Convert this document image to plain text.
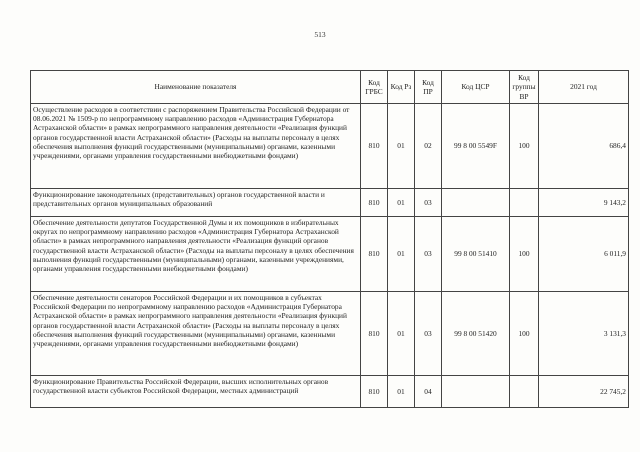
513
Наименование показателя	Код ГРБС	Код Рз	Код ПР	Код ЦСР	Код группы ВР	2021 год
Осуществление расходов в соответствии с распоряжением Правительства Российской Федерации от 08.06.2021 № 1509-р по непрограммному направлению расходов «Администрация Губернатора Астраханской области» в рамках непрограммного направления деятельности «Реализация функций органов государственной власти Астраханской области» (Расходы на выплаты персоналу в целях обеспечения выполнения функций государственными (муниципальными) органами, казенными учреждениями, органами управления государственными внебюджетными фондами)	810	01	02	99 8 00 5549F	100	686,4
Функционирование законодательных (представительных) органов государственной власти и представительных органов муниципальных образований	810	01	03			9 143,2
Обеспечение деятельности депутатов Государственной Думы и их помощников в избирательных округах по непрограммному направлению расходов «Администрация Губернатора Астраханской области» в рамках непрограммного направления деятельности «Реализация функций органов государственной власти Астраханской области» (Расходы на выплаты персоналу в целях обеспечения выполнения функций государственными (муниципальными) органами, казенными учреждениями, органами управления государственными внебюджетными фондами)	810	01	03	99 8 00 51410	100	6 011,9
Обеспечение деятельности сенаторов Российской Федерации и их помощников в субъектах Российской Федерации по непрограммному направлению расходов «Администрация Губернатора Астраханской области» в рамках непрограммного направления деятельности «Реализация функций органов государственной власти Астраханской области» (Расходы на выплаты персоналу в целях обеспечения выполнения функций государственными (муниципальными) органами, казенными учреждениями, органами управления государственными внебюджетными фондами)	810	01	03	99 8 00 51420	100	3 131,3
Функционирование Правительства Российской Федерации, высших исполнительных органов государственной власти субъектов Российской Федерации, местных администраций	810	01	04			22 745,2
